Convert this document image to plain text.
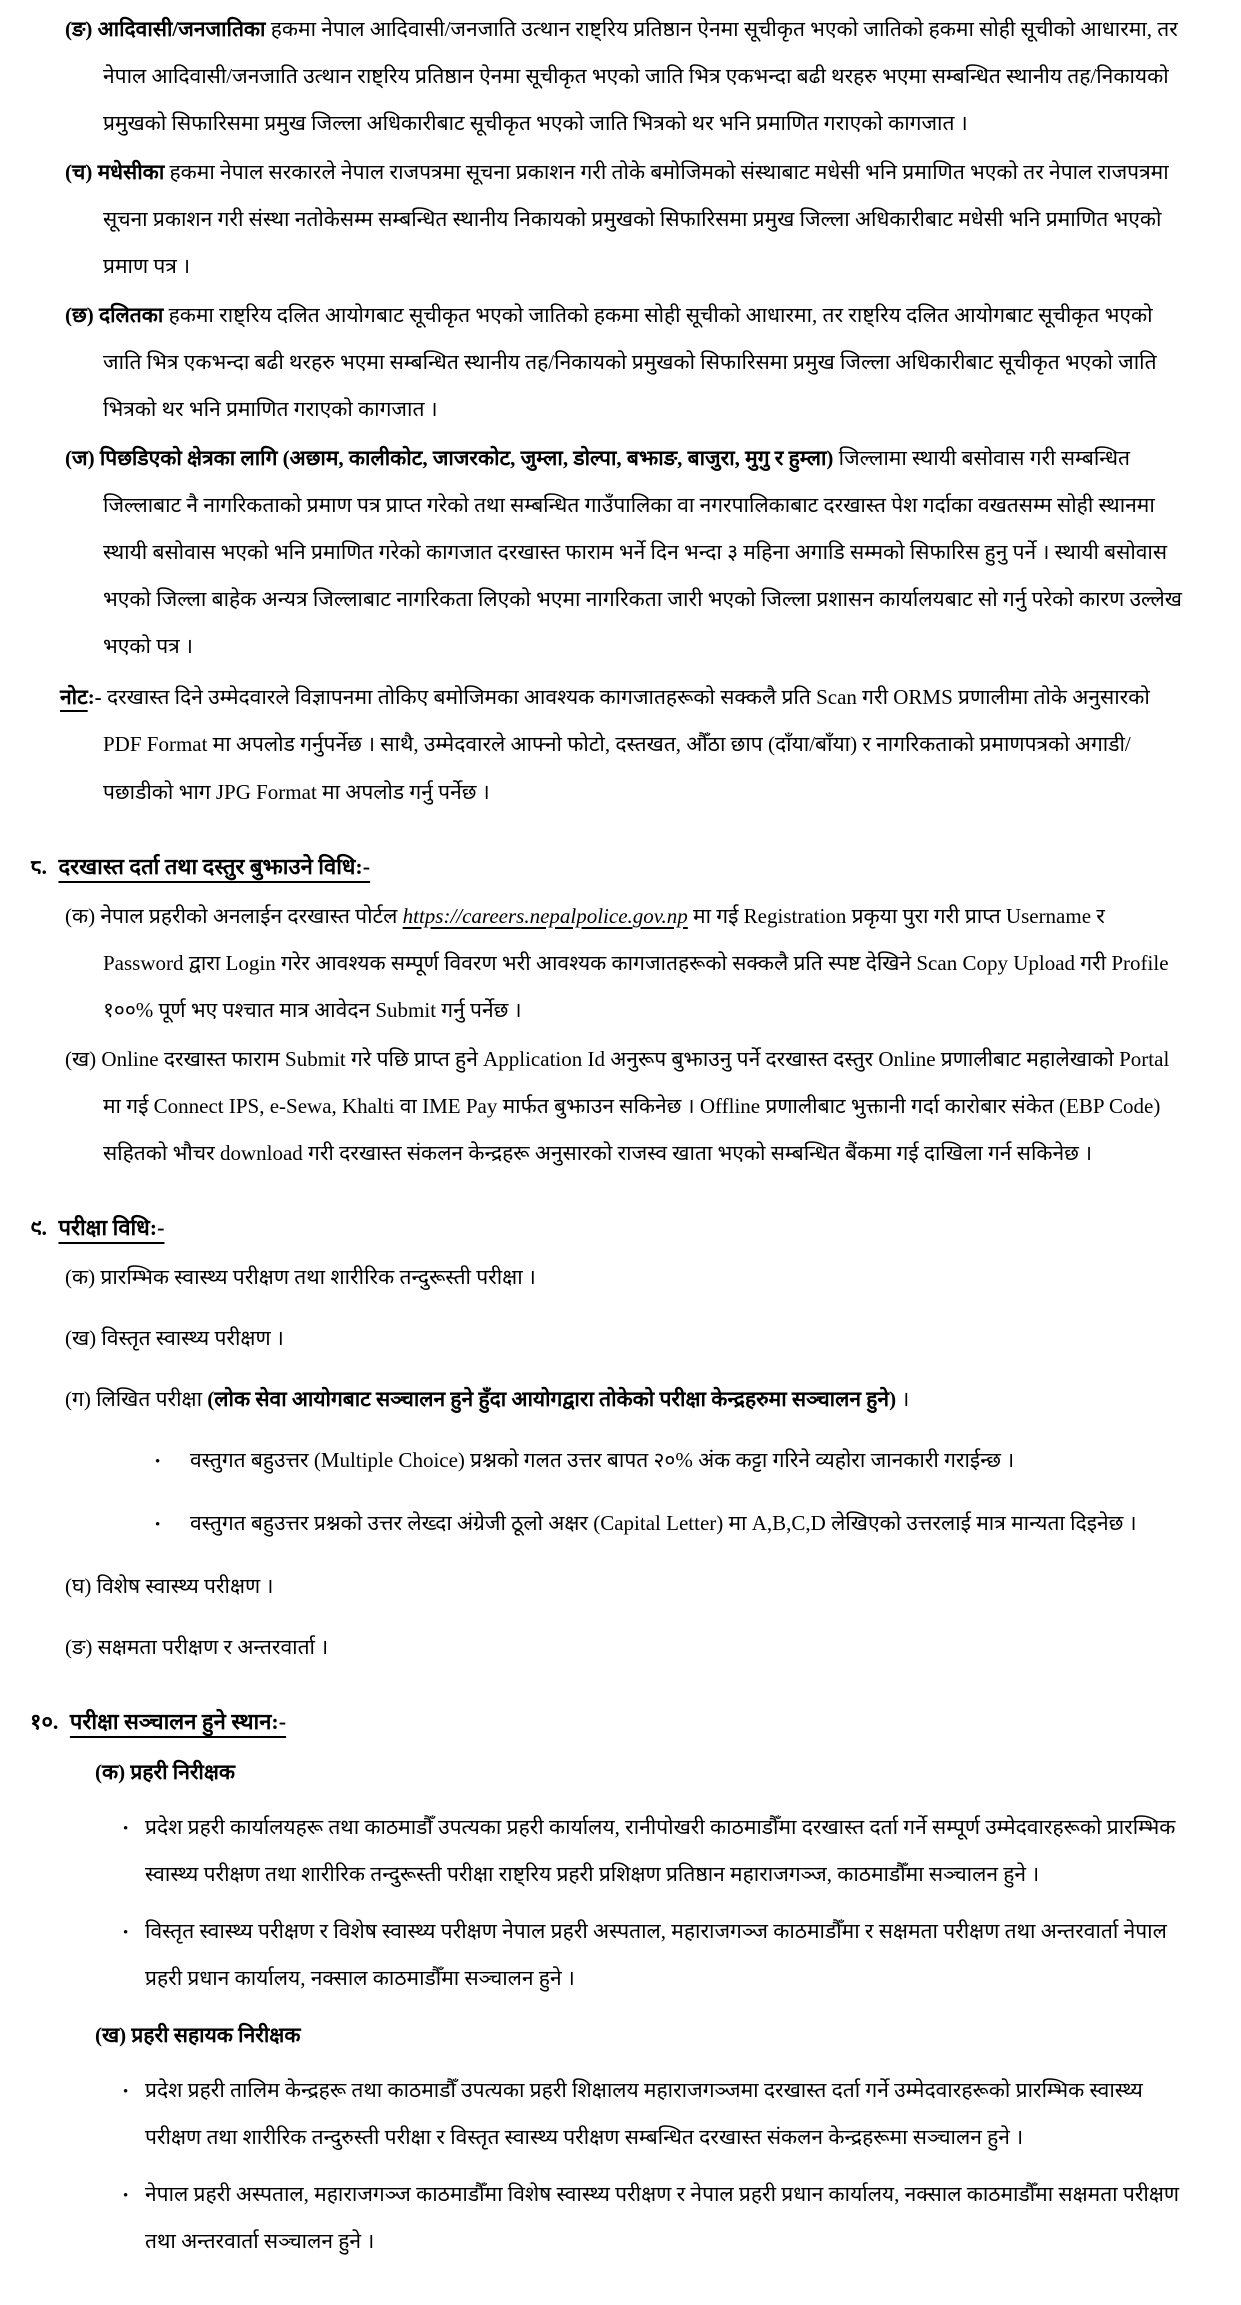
(ङ) आदिवासी/जनजातिका हकमा नेपाल आदिवासी/जनजाति उत्थान राष्ट्रिय प्रतिष्ठान ऐनमा सूचीकृत भएको जातिको हकमा सोही सूचीको आधारमा, तर नेपाल आदिवासी/जनजाति उत्थान राष्ट्रिय प्रतिष्ठान ऐनमा सूचीकृत भएको जाति भित्र एकभन्दा बढी थरहरु भएमा सम्बन्धित स्थानीय तह/निकायको प्रमुखको सिफारिसमा प्रमुख जिल्ला अधिकारीबाट सूचीकृत भएको जाति भित्रको थर भनि प्रमाणित गराएको कागजात ।
(च) मधेसीका हकमा नेपाल सरकारले नेपाल राजपत्रमा सूचना प्रकाशन गरी तोके बमोजिमको संस्थाबाट मधेसी भनि प्रमाणित भएको तर नेपाल राजपत्रमा सूचना प्रकाशन गरी संस्था नतोकेसम्म सम्बन्धित स्थानीय निकायको प्रमुखको सिफारिसमा प्रमुख जिल्ला अधिकारीबाट मधेसी भनि प्रमाणित भएको प्रमाण पत्र ।
(छ) दलितका हकमा राष्ट्रिय दलित आयोगबाट सूचीकृत भएको जातिको हकमा सोही सूचीको आधारमा, तर राष्ट्रिय दलित आयोगबाट सूचीकृत भएको जाति भित्र एकभन्दा बढी थरहरु भएमा सम्बन्धित स्थानीय तह/निकायको प्रमुखको सिफारिसमा प्रमुख जिल्ला अधिकारीबाट सूचीकृत भएको जाति भित्रको थर भनि प्रमाणित गराएको कागजात ।
(ज) पिछडिएको क्षेत्रका लागि (अछाम, कालीकोट, जाजरकोट, जुम्ला, डोल्पा, बझाङ, बाजुरा, मुगु र हुम्ला) जिल्लामा स्थायी बसोवास गरी सम्बन्धित जिल्लाबाट नै नागरिकताको प्रमाण पत्र प्राप्त गरेको तथा सम्बन्धित गाउँपालिका वा नगरपालिकाबाट दरखास्त पेश गर्दाका वखतसम्म सोही स्थानमा स्थायी बसोवास भएको भनि प्रमाणित गरेको कागजात दरखास्त फाराम भर्ने दिन भन्दा ३ महिना अगाडि सम्मको सिफारिस हुनु पर्ने । स्थायी बसोवास भएको जिल्ला बाहेक अन्यत्र जिल्लाबाट नागरिकता लिएको भएमा नागरिकता जारी भएको जिल्ला प्रशासन कार्यालयबाट सो गर्नु परेको कारण उल्लेख भएको पत्र ।
नोट:- दरखास्त दिने उम्मेदवारले विज्ञापनमा तोकिए बमोजिमका आवश्यक कागजातहरूको सक्कलै प्रति Scan गरी ORMS प्रणालीमा तोके अनुसारको PDF Format मा अपलोड गर्नुपर्नेछ । साथै, उम्मेदवारले आफ्नो फोटो, दस्तखत, औँठा छाप (दाँया/बाँया) र नागरिकताको प्रमाणपत्रको अगाडी/पछाडीको भाग JPG Format मा अपलोड गर्नु पर्नेछ ।
८. दरखास्त दर्ता तथा दस्तुर बुझाउने विधि:-
(क) नेपाल प्रहरीको अनलाईन दरखास्त पोर्टल https://careers.nepalpolice.gov.np मा गई Registration प्रकृया पुरा गरी प्राप्त Username र Password द्वारा Login गरेर आवश्यक सम्पूर्ण विवरण भरी आवश्यक कागजातहरूको सक्कलै प्रति स्पष्ट देखिने Scan Copy Upload गरी Profile १००% पूर्ण भए पश्चात मात्र आवेदन Submit गर्नु पर्नेछ ।
(ख) Online दरखास्त फाराम Submit गरे पछि प्राप्त हुने Application Id अनुरूप बुझाउनु पर्ने दरखास्त दस्तुर Online प्रणालीबाट महालेखाको Portal मा गई Connect IPS, e-Sewa, Khalti वा IME Pay मार्फत बुझाउन सकिनेछ । Offline प्रणालीबाट भुक्तानी गर्दा कारोबार संकेत (EBP Code) सहितको भौचर download गरी दरखास्त संकलन केन्द्रहरू अनुसारको राजस्व खाता भएको सम्बन्धित बैंकमा गई दाखिला गर्न सकिनेछ ।
९. परीक्षा विधि:-
(क) प्रारम्भिक स्वास्थ्य परीक्षण तथा शारीरिक तन्दुरूस्ती परीक्षा ।
(ख) विस्तृत स्वास्थ्य परीक्षण ।
(ग) लिखित परीक्षा (लोक सेवा आयोगबाट सञ्चालन हुने हुँदा आयोगद्वारा तोकेको परीक्षा केन्द्रहरुमा सञ्चालन हुने) ।
• वस्तुगत बहुउत्तर (Multiple Choice) प्रश्नको गलत उत्तर बापत २०% अंक कट्टा गरिने व्यहोरा जानकारी गराईन्छ ।
• वस्तुगत बहुउत्तर प्रश्नको उत्तर लेख्दा अंग्रेजी ठूलो अक्षर (Capital Letter) मा A,B,C,D लेखिएको उत्तरलाई मात्र मान्यता दिइनेछ ।
(घ) विशेष स्वास्थ्य परीक्षण ।
(ङ) सक्षमता परीक्षण र अन्तरवार्ता ।
१०. परीक्षा सञ्चालन हुने स्थान:-
(क) प्रहरी निरीक्षक
• प्रदेश प्रहरी कार्यालयहरू तथा काठमाडौँ उपत्यका प्रहरी कार्यालय, रानीपोखरी काठमाडौँमा दरखास्त दर्ता गर्ने सम्पूर्ण उम्मेदवारहरूको प्रारम्भिक स्वास्थ्य परीक्षण तथा शारीरिक तन्दुरूस्ती परीक्षा राष्ट्रिय प्रहरी प्रशिक्षण प्रतिष्ठान महाराजगञ्ज, काठमाडौँमा सञ्चालन हुने ।
• विस्तृत स्वास्थ्य परीक्षण र विशेष स्वास्थ्य परीक्षण नेपाल प्रहरी अस्पताल, महाराजगञ्ज काठमाडौँमा र सक्षमता परीक्षण तथा अन्तरवार्ता नेपाल प्रहरी प्रधान कार्यालय, नक्साल काठमाडौँमा सञ्चालन हुने ।
(ख) प्रहरी सहायक निरीक्षक
• प्रदेश प्रहरी तालिम केन्द्रहरू तथा काठमाडौँ उपत्यका प्रहरी शिक्षालय महाराजगञ्जमा दरखास्त दर्ता गर्ने उम्मेदवारहरूको प्रारम्भिक स्वास्थ्य परीक्षण तथा शारीरिक तन्दुरुस्ती परीक्षा र विस्तृत स्वास्थ्य परीक्षण सम्बन्धित दरखास्त संकलन केन्द्रहरूमा सञ्चालन हुने ।
• नेपाल प्रहरी अस्पताल, महाराजगञ्ज काठमाडौँमा विशेष स्वास्थ्य परीक्षण र नेपाल प्रहरी प्रधान कार्यालय, नक्साल काठमाडौँमा सक्षमता परीक्षण तथा अन्तरवार्ता सञ्चालन हुने ।
